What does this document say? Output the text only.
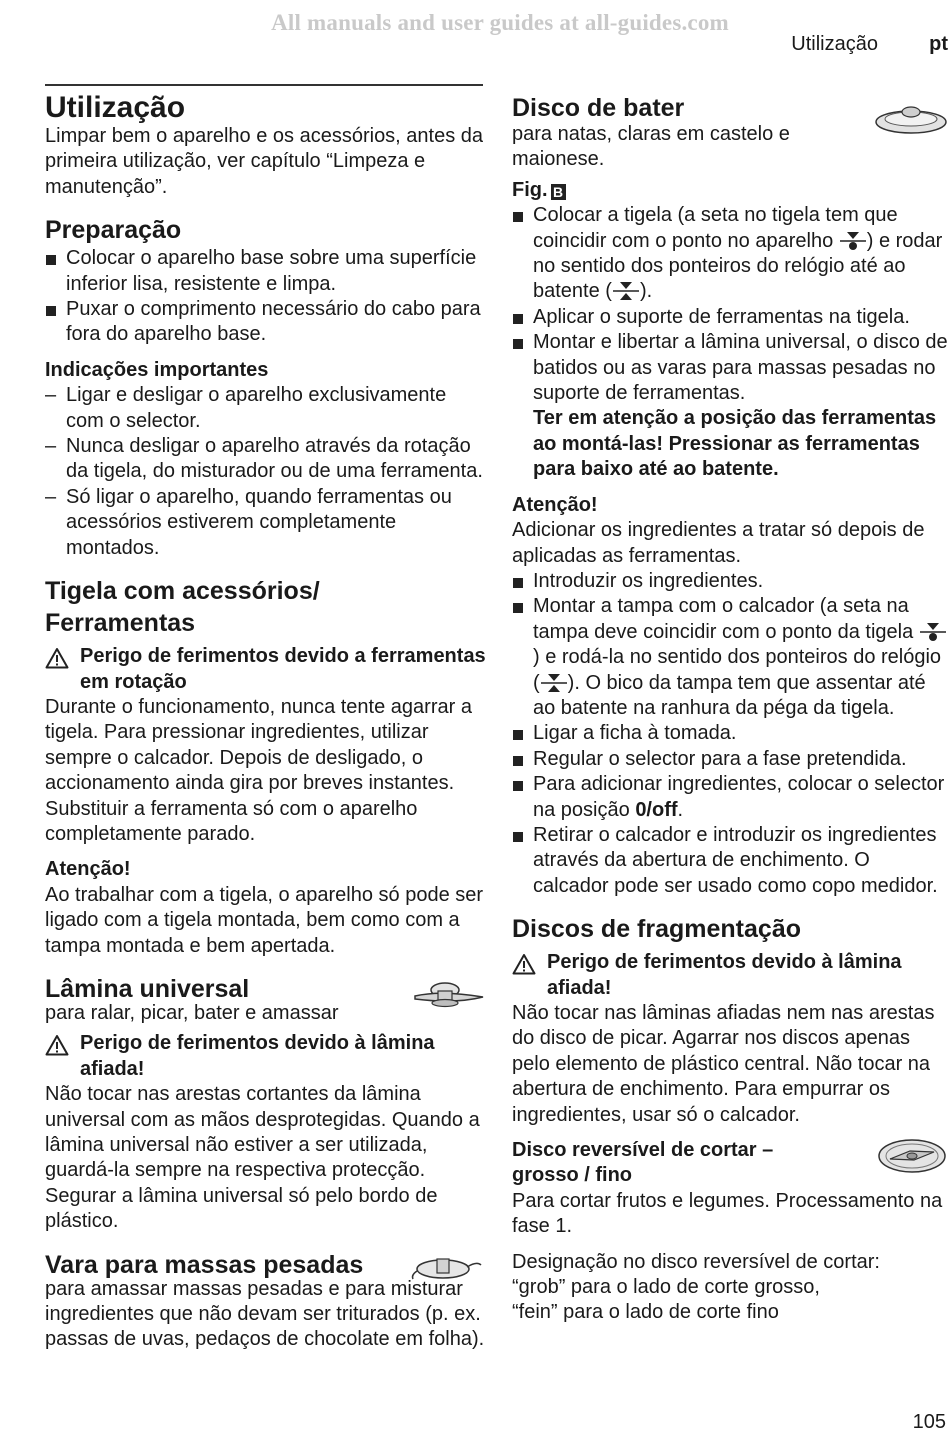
All manuals and user guides at all-guides.com
Utilização	pt
Utilização

Limpar bem o aparelho e os acessórios, antes da primeira utilização, ver capítulo “Limpeza e manutenção”.

Preparação
Colocar o aparelho base sobre uma superfície inferior lisa, resistente e limpa.
Puxar o comprimento necessário do cabo para fora do aparelho base.
Indicações importantes
– Ligar e desligar o aparelho exclusivamente com o selector.
– Nunca desligar o aparelho através da rotação da tigela, do misturador ou de uma ferramenta.
– Só ligar o aparelho, quando ferramentas ou acessórios estiverem completamente montados.
Tigela com acessórios/ Ferramentas
Perigo de ferimentos devido a ferramentas em rotação

Durante o funcionamento, nunca tente agarrar a tigela. Para pressionar ingredientes, utilizar sempre o calcador. Depois de desligado, o accionamento ainda gira por breves instantes. Substituir a ferramenta só com o aparelho completamente parado.

Atenção!

Ao trabalhar com a tigela, o aparelho só pode ser ligado com a tigela montada, bem como com a tampa montada e bem apertada.

Lâmina universal

para ralar, picar, bater e amassar

Perigo de ferimentos devido à lâmina afiada!

Não tocar nas arestas cortantes da lâmina universal com as mãos desprotegidas. Quando a lâmina universal não estiver a ser utilizada, guardá-la sempre na respectiva protecção. Segurar a lâmina universal só pelo bordo de plástico.

Vara para massas pesadas

para amassar massas pesadas e para misturar ingredientes que não devam ser triturados (p. ex. passas de uvas, pedaços de chocolate em folha).

Disco de bater

para natas, claras em castelo e maionese.

Fig. B

Colocar a tigela (a seta no tigela tem que coincidir com o ponto no aparelho ) e rodar no sentido dos ponteiros do relógio até ao batente ( ).
Aplicar o suporte de ferramentas na tigela.
Montar e libertar a lâmina universal, o disco de batidos ou as varas para massas pesadas no suporte de ferramentas.
Ter em atenção a posição das ferramentas ao montá-las! Pressionar as ferramentas para baixo até ao batente.
Atenção!

Adicionar os ingredientes a tratar só depois de aplicadas as ferramentas.

Introduzir os ingredientes.
Montar a tampa com o calcador (a seta na tampa deve coincidir com o ponto da tigela ) e rodá-la no sentido dos ponteiros do relógio ( ). O bico da tampa tem que assentar até ao batente na ranhura da péga da tigela.
Ligar a ficha à tomada.
Regular o selector para a fase pretendida.
Para adicionar ingredientes, colocar o selector na posição 0/off.
Retirar o calcador e introduzir os ingredientes através da abertura de enchimento. O calcador pode ser usado como copo medidor.
Discos de fragmentação
Perigo de ferimentos devido à lâmina afiada!

Não tocar nas lâminas afiadas nem nas arestas do disco de picar. Agarrar nos discos apenas pelo elemento de plástico central. Não tocar na abertura de enchimento. Para empurrar os ingredientes, usar só o calcador.

Disco reversível de cortar – grosso / fino

Para cortar frutos e legumes. Processamento na fase 1.

Designação no disco reversível de cortar:

“grob” para o lado de corte grosso,

“fein” para o lado de corte fino

105
